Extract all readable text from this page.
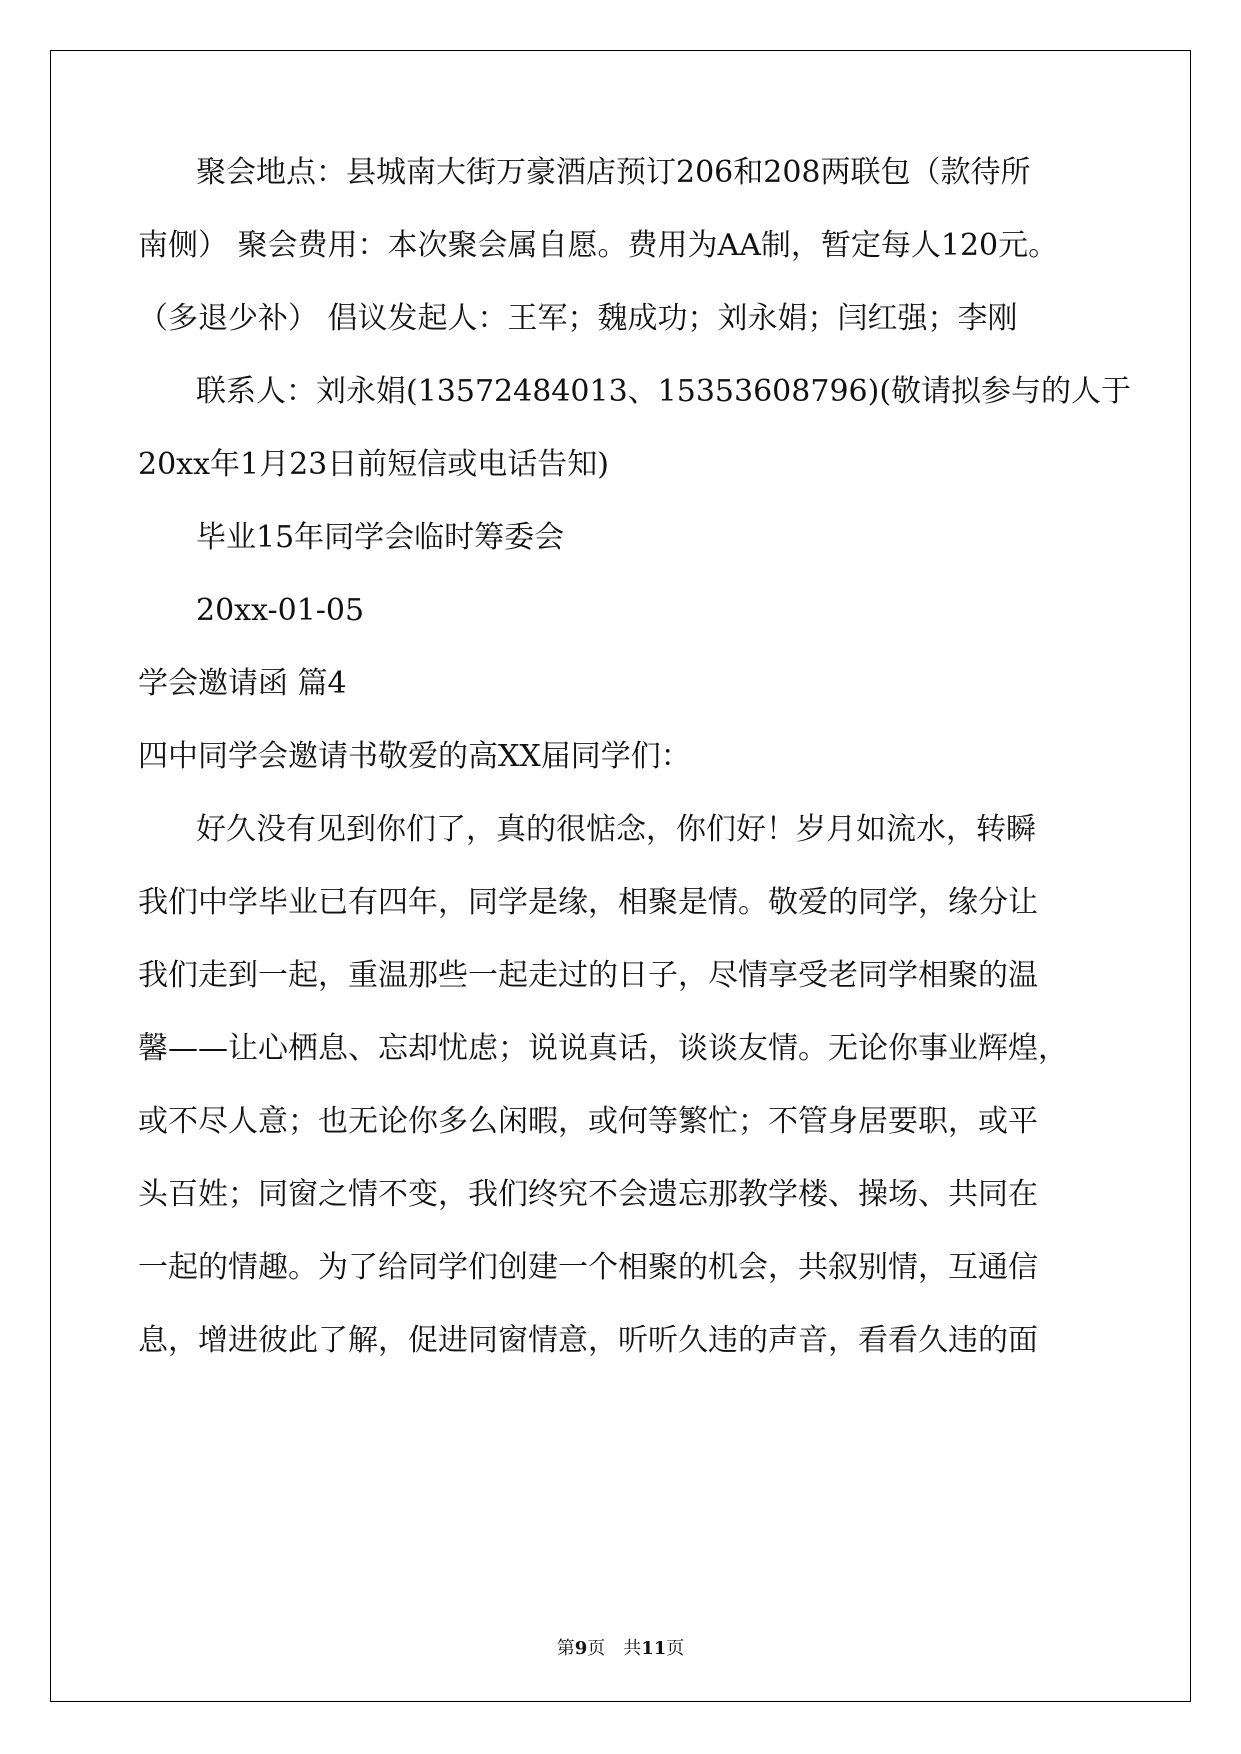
聚会地点：县城南大街万豪酒店预订206和208两联包（款待所
南侧） 聚会费用：本次聚会属自愿。费用为AA制，暂定每人120元。
（多退少补） 倡议发起人：王军；魏成功；刘永娟；闫红强；李刚
联系人：刘永娟(13572484013、15353608796)(敬请拟参与的人于
20xx年1月23日前短信或电话告知)
毕业15年同学会临时筹委会
20xx-01-05
学会邀请函 篇4
四中同学会邀请书敬爱的高XX届同学们：
好久没有见到你们了，真的很惦念，你们好！岁月如流水，转瞬
我们中学毕业已有四年，同学是缘，相聚是情。敬爱的同学，缘分让
我们走到一起，重温那些一起走过的日子，尽情享受老同学相聚的温
馨——让心栖息、忘却忧虑；说说真话，谈谈友情。无论你事业辉煌，
或不尽人意；也无论你多么闲暇，或何等繁忙；不管身居要职，或平
头百姓；同窗之情不变，我们终究不会遗忘那教学楼、操场、共同在
一起的情趣。为了给同学们创建一个相聚的机会，共叙别情，互通信
息，增进彼此了解，促进同窗情意，听听久违的声音，看看久违的面
第9页　共11页
